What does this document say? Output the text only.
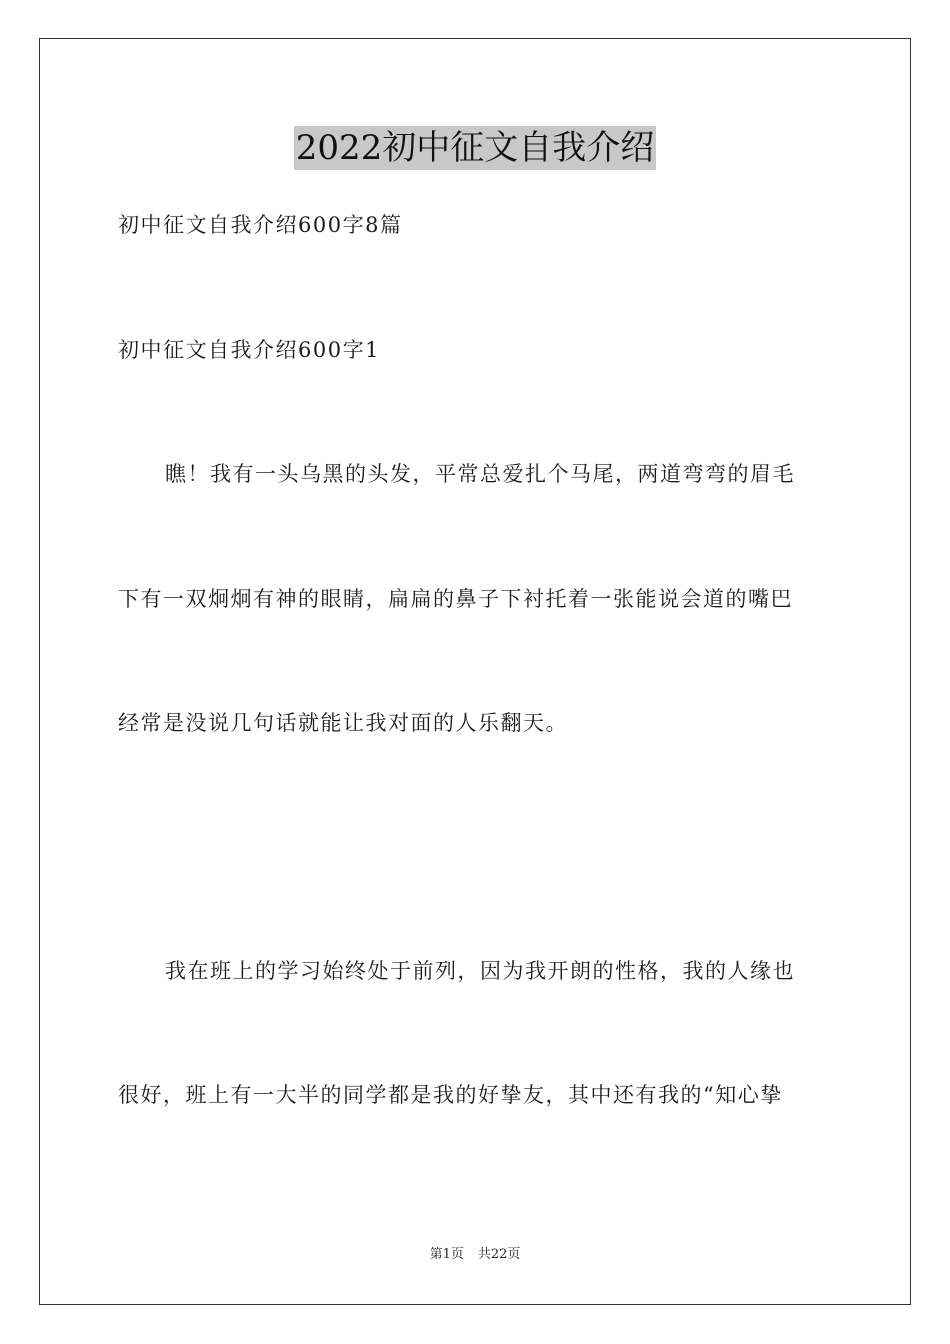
2022初中征文自我介绍
初中征文自我介绍600字8篇
初中征文自我介绍600字1
瞧！我有一头乌黑的头发，平常总爱扎个马尾，两道弯弯的眉毛
下有一双炯炯有神的眼睛，扁扁的鼻子下衬托着一张能说会道的嘴巴
经常是没说几句话就能让我对面的人乐翻天。
我在班上的学习始终处于前列，因为我开朗的性格，我的人缘也
很好，班上有一大半的同学都是我的好挚友，其中还有我的“知心挚
第1页 共22页
